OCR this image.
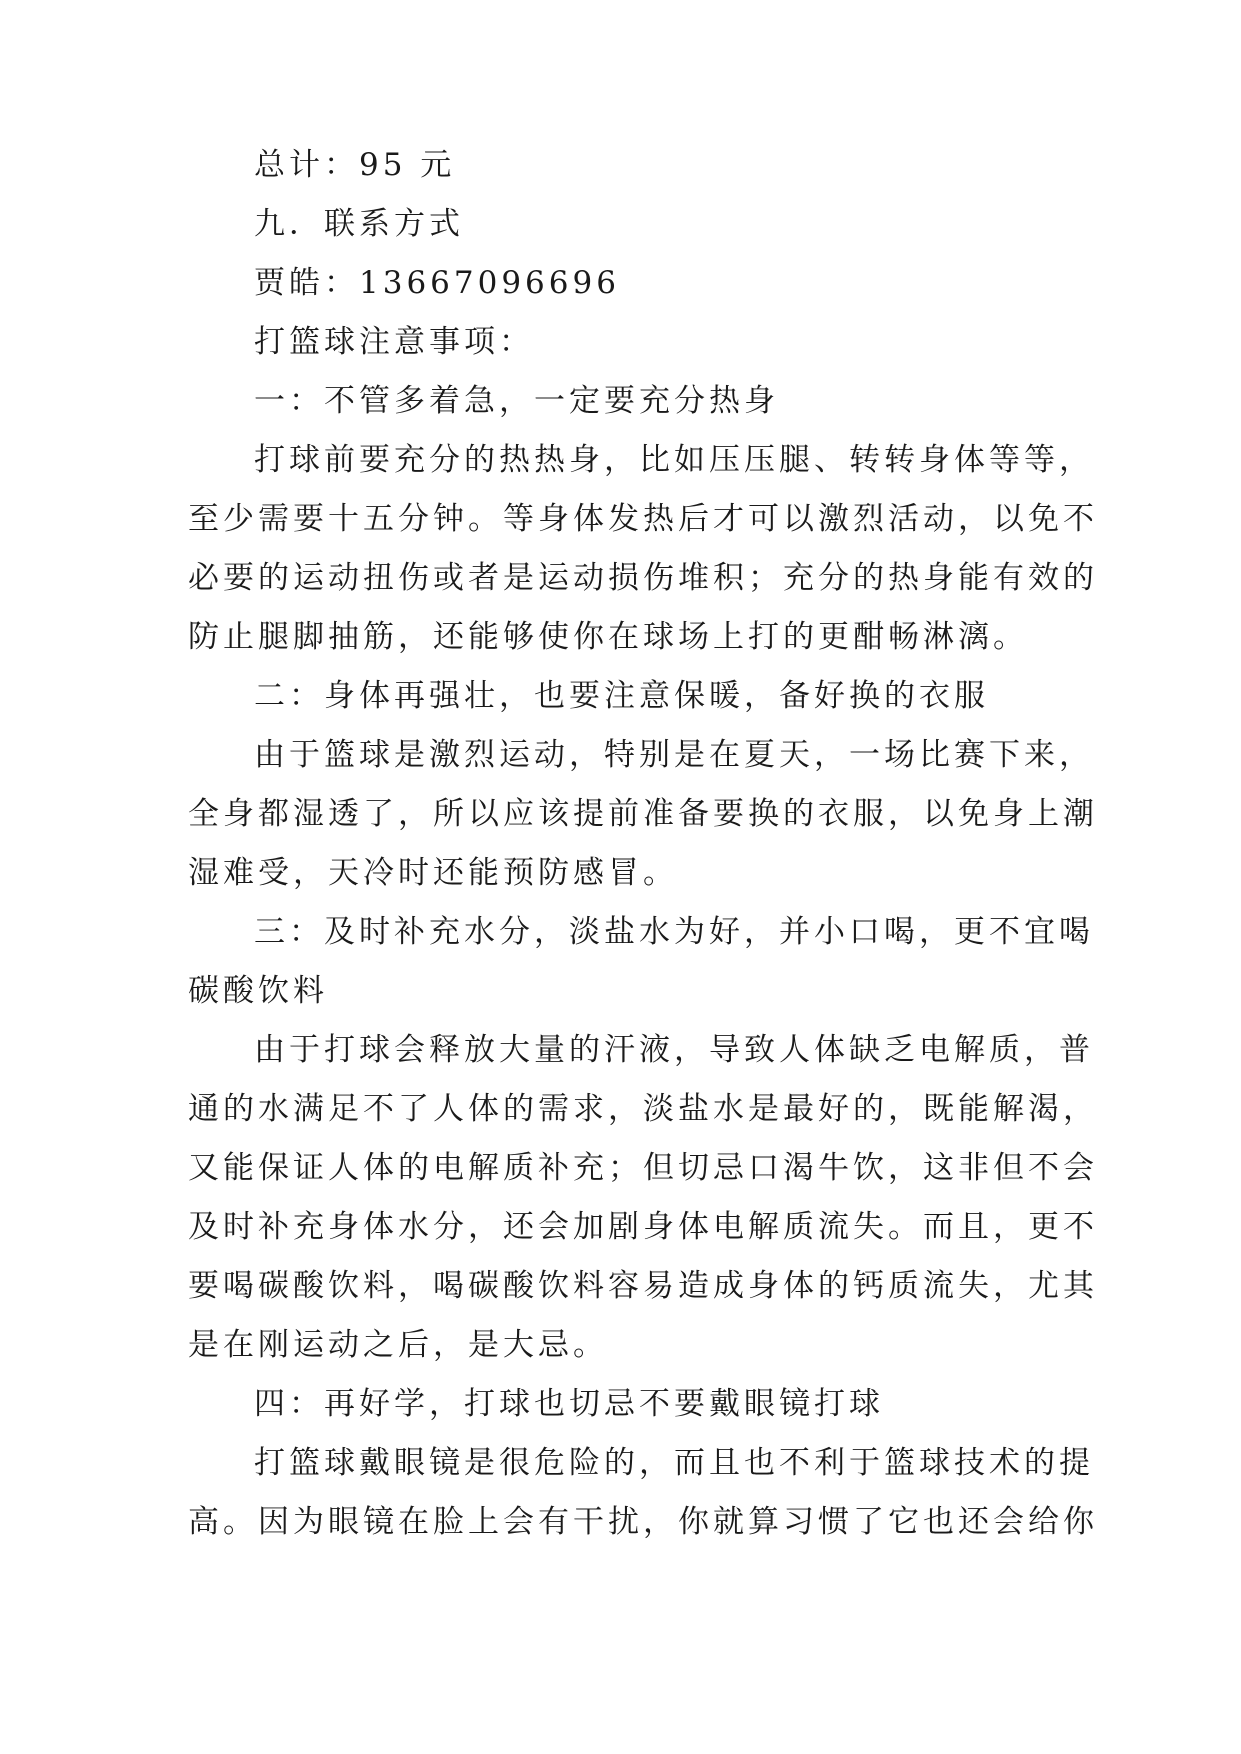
总计：95 元
九．联系方式
贾皓：13667096696
打篮球注意事项：
一：不管多着急，一定要充分热身
打球前要充分的热热身，比如压压腿、转转身体等等，
至少需要十五分钟。等身体发热后才可以激烈活动，以免不
必要的运动扭伤或者是运动损伤堆积；充分的热身能有效的
防止腿脚抽筋，还能够使你在球场上打的更酣畅淋漓。
二：身体再强壮，也要注意保暖，备好换的衣服
由于篮球是激烈运动，特别是在夏天，一场比赛下来，
全身都湿透了，所以应该提前准备要换的衣服，以免身上潮
湿难受，天冷时还能预防感冒。
三：及时补充水分，淡盐水为好，并小口喝，更不宜喝
碳酸饮料
由于打球会释放大量的汗液，导致人体缺乏电解质，普
通的水满足不了人体的需求，淡盐水是最好的，既能解渴，
又能保证人体的电解质补充；但切忌口渴牛饮，这非但不会
及时补充身体水分，还会加剧身体电解质流失。而且，更不
要喝碳酸饮料，喝碳酸饮料容易造成身体的钙质流失，尤其
是在刚运动之后，是大忌。
四：再好学，打球也切忌不要戴眼镜打球
打篮球戴眼镜是很危险的，而且也不利于篮球技术的提
高。因为眼镜在脸上会有干扰，你就算习惯了它也还会给你
